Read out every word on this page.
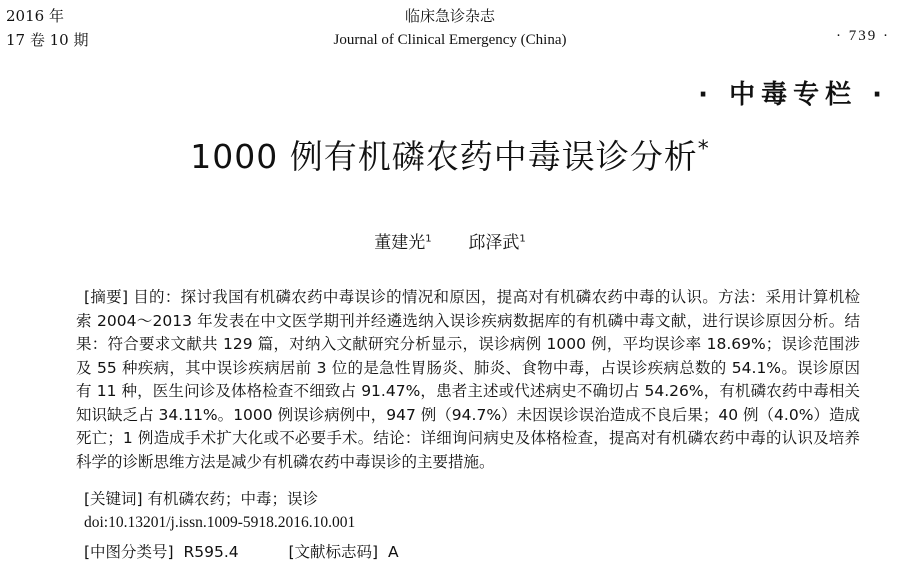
2016 年
17 卷 10 期
临床急诊杂志
Journal of Clinical Emergency (China)	· 739 ·
· 中毒专栏 ·
1000 例有机磷农药中毒误诊分析*
董建光$^1$ 邱泽武$^1$
[摘要] 目的：探讨我国有机磷农药中毒误诊的情况和原因，提高对有机磷农药中毒的认识。方法：采用计算机检索 2004～2013 年发表在中文医学期刊并经遴选纳入误诊疾病数据库的有机磷中毒文献，进行误诊原因分析。结果：符合要求文献共 129 篇，对纳入文献研究分析显示，误诊病例 1000 例，平均误诊率 18.69%；误诊范围涉及 55 种疾病，其中误诊疾病居前 3 位的是急性胃肠炎、肺炎、食物中毒，占误诊疾病总数的 54.1%。误诊原因有 11 种，医生问诊及体格检查不细致占 91.47%，患者主述或代述病史不确切占 54.26%，有机磷农药中毒相关知识缺乏占 34.11%。1000 例误诊病例中，947 例（94.7%）未因误诊误治造成不良后果；40 例（4.0%）造成死亡；1 例造成手术扩大化或不必要手术。结论：详细询问病史及体格检查，提高对有机磷农药中毒的认识及培养科学的诊断思维方法是减少有机磷农药中毒误诊的主要措施。
[关键词] 有机磷农药；中毒；误诊
doi:10.13201/j.issn.1009-5918.2016.10.001
[中图分类号] R595.4	[文献标志码] A
